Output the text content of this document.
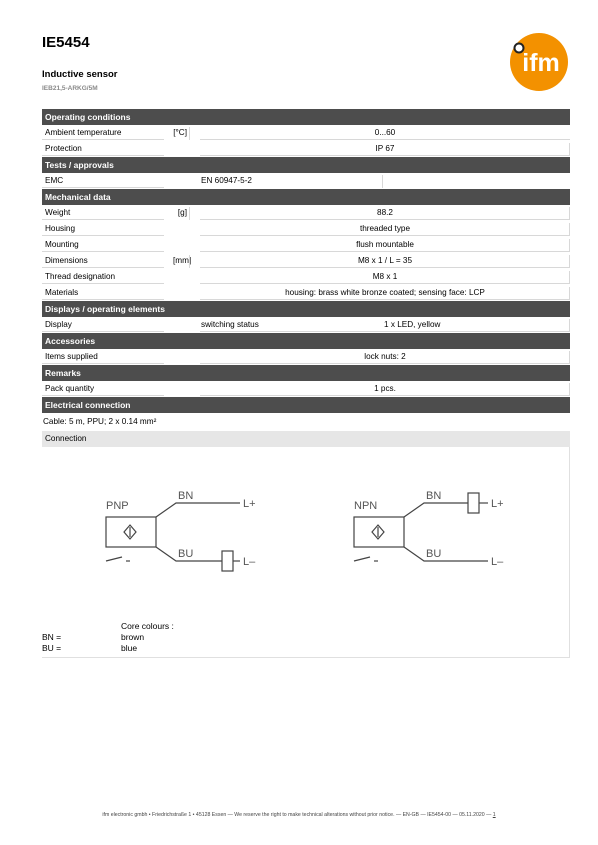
IE5454
Inductive sensor
IEB21,5-ARKG/5M
ifm
Operating conditions
Ambient temperature	[°C]	0...60
Protection	IP 67
Tests / approvals
EMC	EN 60947-5-2
Mechanical data
Weight	[g]	88.2
Housing	threaded type
Mounting	flush mountable
Dimensions	[mm]	M8 x 1 / L = 35
Thread designation	M8 x 1
Materials	housing: brass white bronze coated; sensing face: LCP
Displays / operating elements
Display	switching status	1 x LED, yellow
Accessories
Items supplied	lock nuts: 2
Remarks
Pack quantity	1 pcs.
Electrical connection
Cable: 5 m, PPU; 2 x 0.14 mm²
Connection
PNP
BN
BU
L+
L–
NPN
BN
BU
L+
L–
Core colours :
BN =	brown
BU =	blue
ifm electronic gmbh • Friedrichstraße 1 • 45128 Essen — We reserve the right to make technical alterations without prior notice. — EN-GB — IE5454-00 — 05.11.2020 — 1
